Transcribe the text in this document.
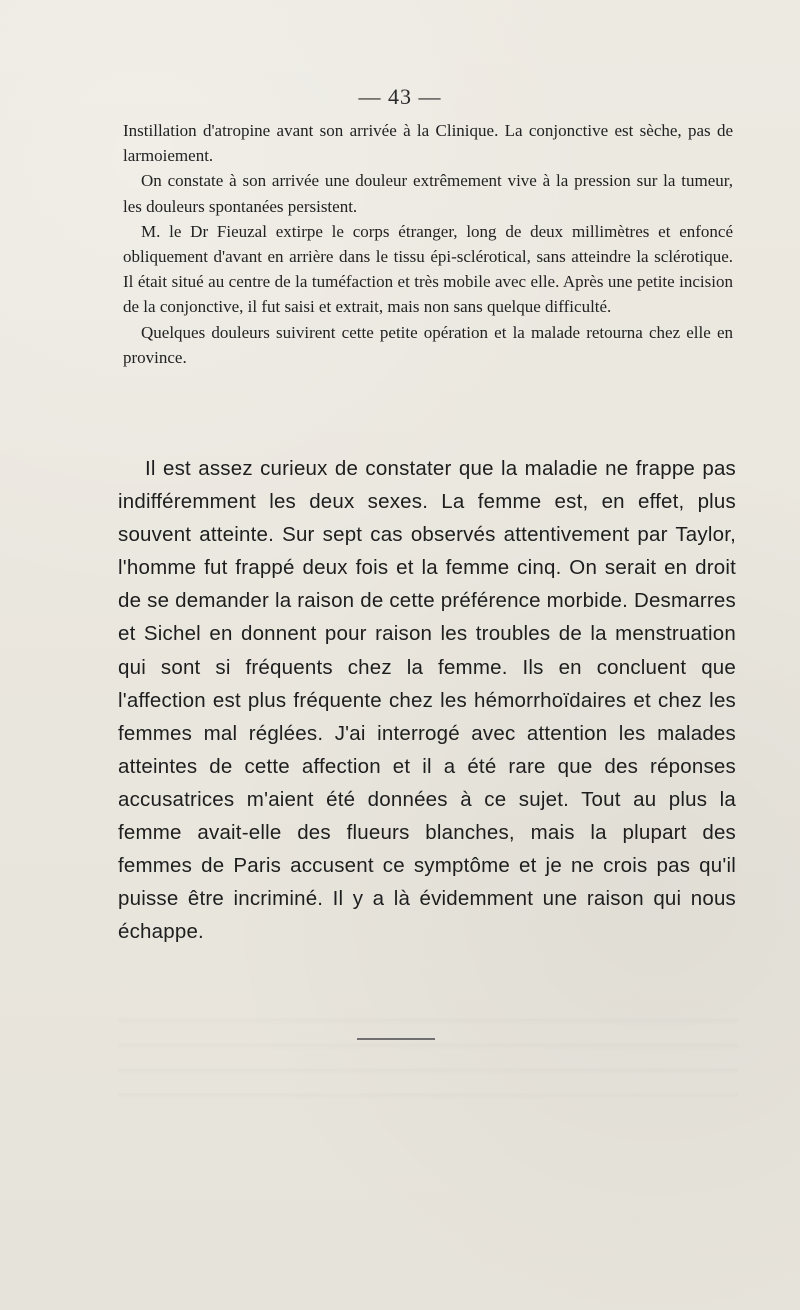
— 43 —

Instillation d'atropine avant son arrivée à la Clinique. La conjonctive est sèche, pas de larmoiement.

On constate à son arrivée une douleur extrêmement vive à la pression sur la tumeur, les douleurs spontanées persistent.

M. le Dr Fieuzal extirpe le corps étranger, long de deux millimètres et enfoncé obliquement d'avant en arrière dans le tissu épi-sclérotical, sans atteindre la sclérotique. Il était situé au centre de la tuméfaction et très mobile avec elle. Après une petite incision de la conjonctive, il fut saisi et extrait, mais non sans quelque difficulté.

Quelques douleurs suivirent cette petite opération et la malade retourna chez elle en province.

Il est assez curieux de constater que la maladie ne frappe pas indifféremment les deux sexes. La femme est, en effet, plus souvent atteinte. Sur sept cas observés attentivement par Taylor, l'homme fut frappé deux fois et la femme cinq. On serait en droit de se demander la raison de cette préférence morbide. Desmarres et Sichel en donnent pour raison les troubles de la menstruation qui sont si fréquents chez la femme. Ils en concluent que l'affection est plus fréquente chez les hémorrhoïdaires et chez les femmes mal réglées. J'ai interrogé avec attention les malades atteintes de cette affection et il a été rare que des réponses accusatrices m'aient été données à ce sujet. Tout au plus la femme avait-elle des flueurs blanches, mais la plupart des femmes de Paris accusent ce symptôme et je ne crois pas qu'il puisse être incriminé. Il y a là évidemment une raison qui nous échappe.
